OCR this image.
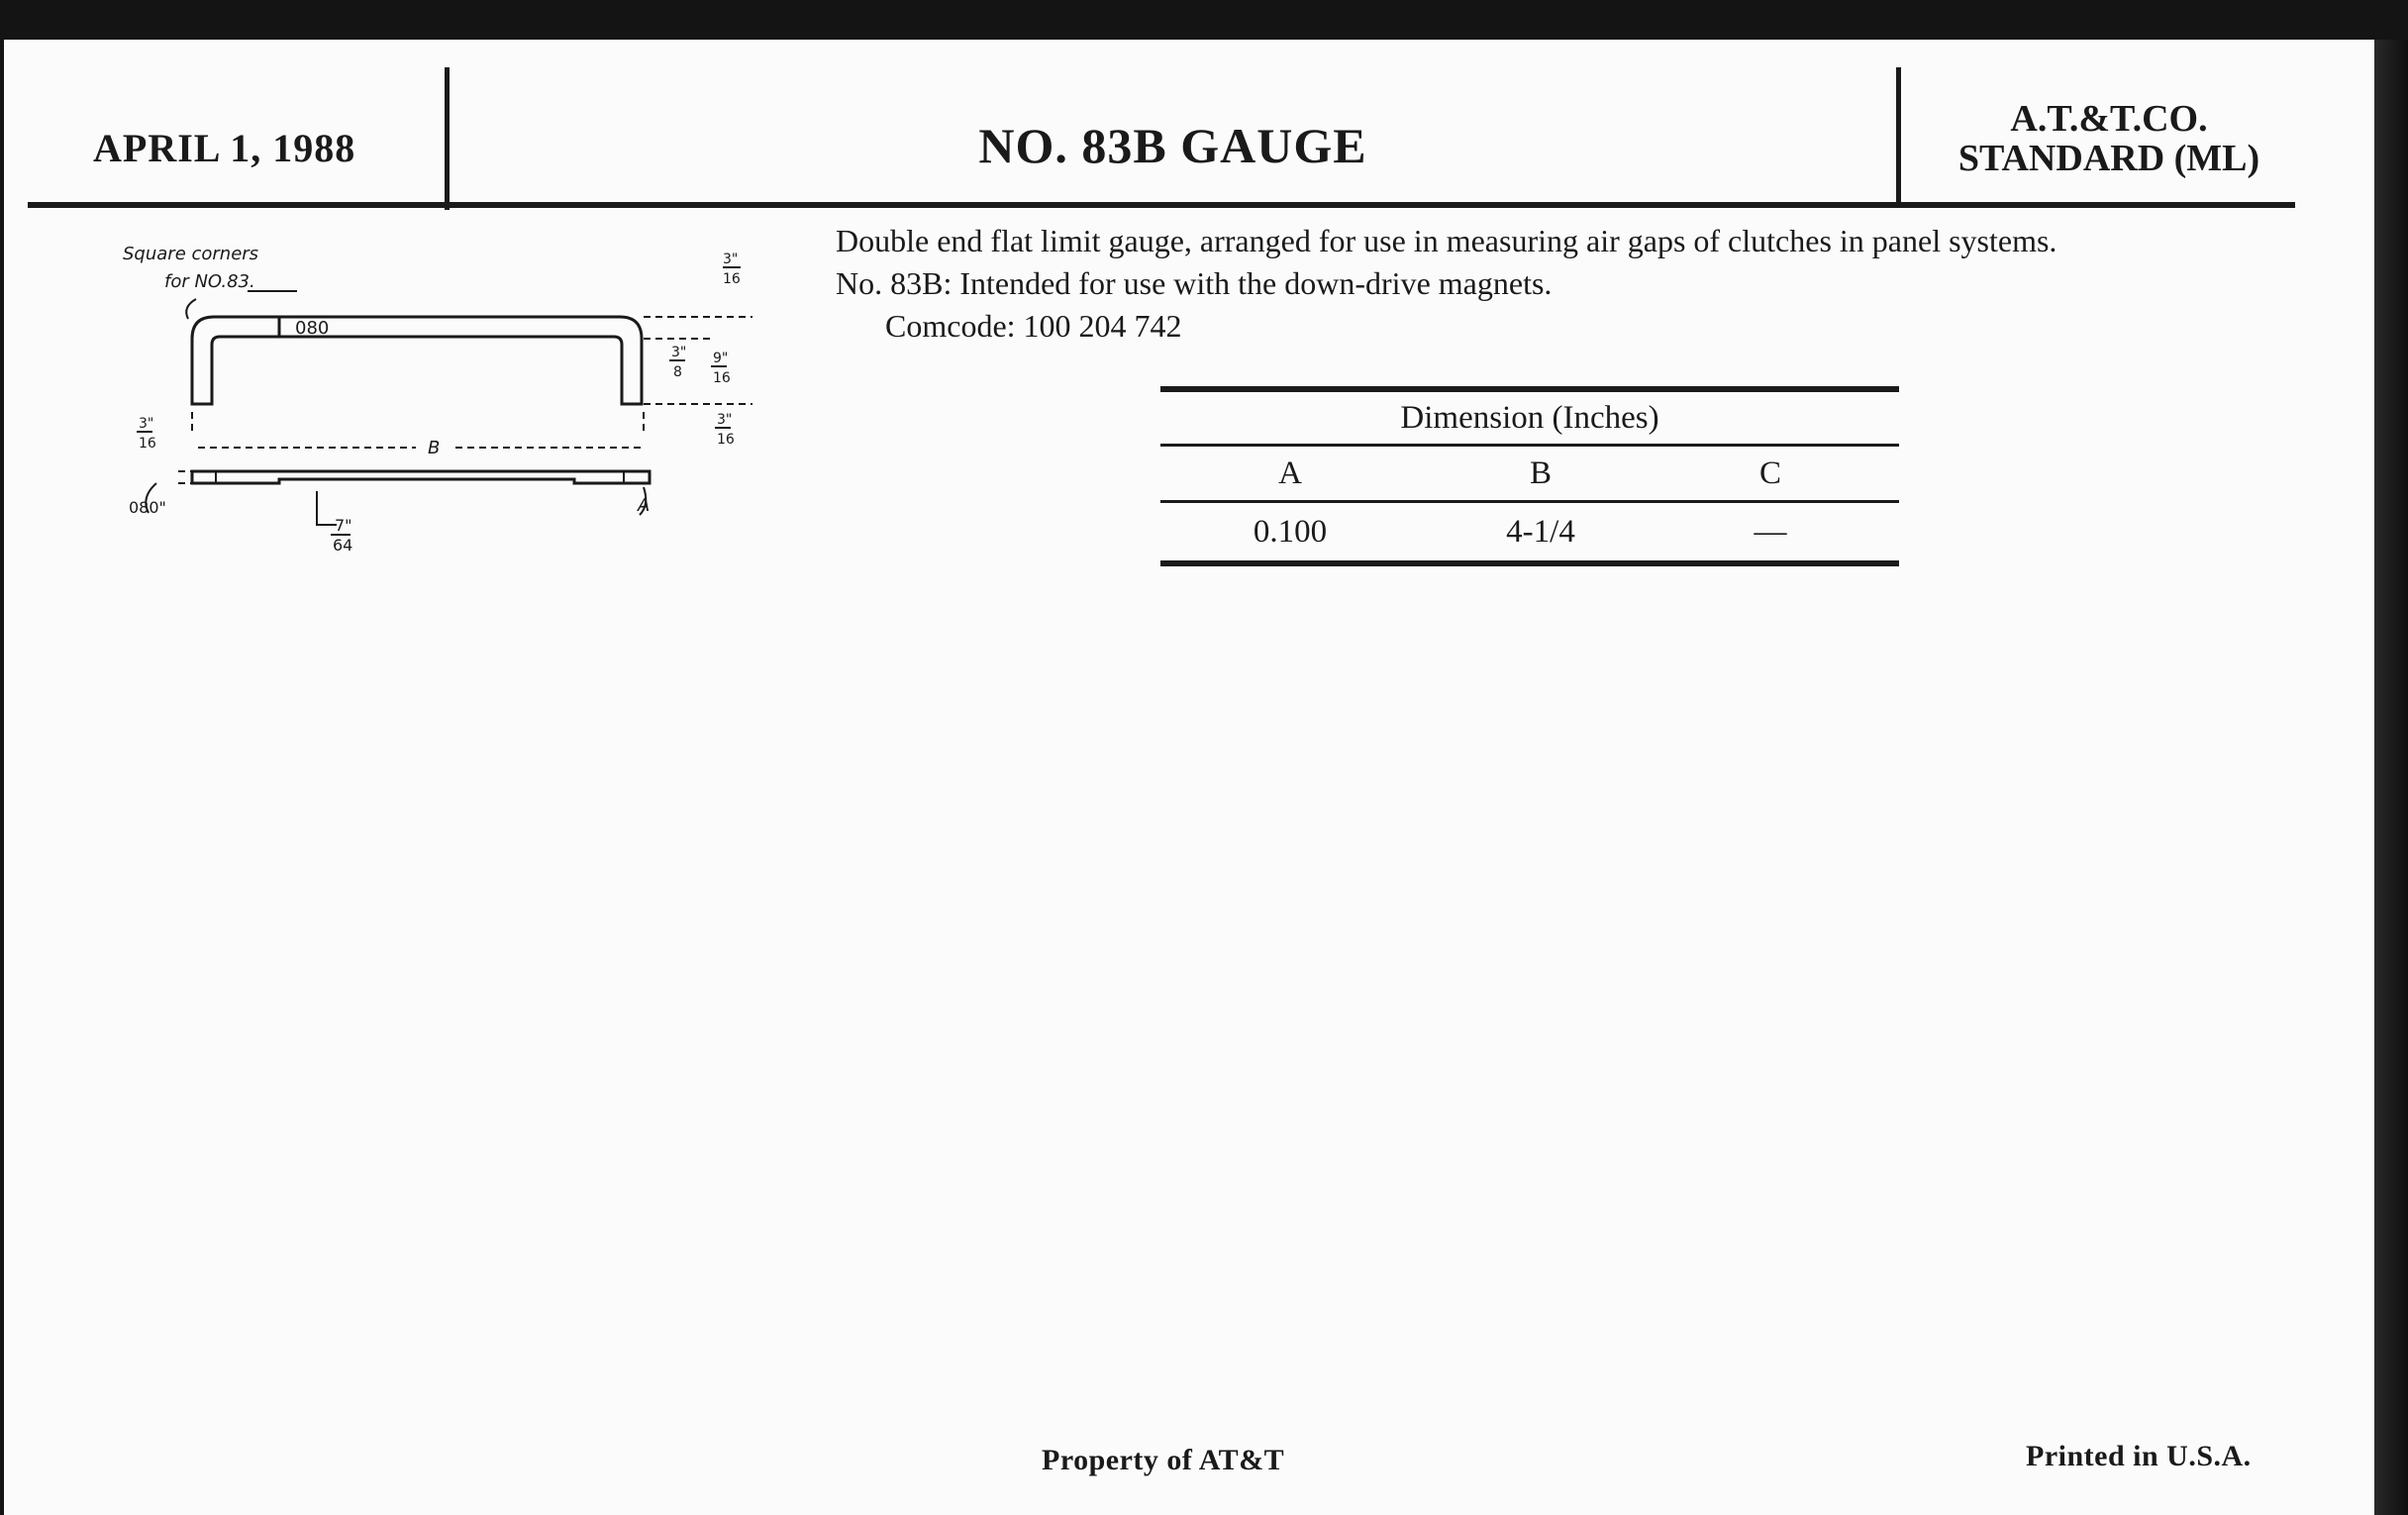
APRIL 1, 1988	NO. 83B GAUGE	A.T.&T.CO.
STANDARD (ML)
Square corners
for NO.83.
080
3"
16
3"
8
9"
16
3"
16
3"
16	B
080"
7"
64
A
Double end flat limit gauge, arranged for use in measuring air gaps of clutches in panel systems.
No. 83B: Intended for use with the down-drive magnets.
Comcode: 100 204 742
Dimension (Inches)
A	B	C
0.100	4-1/4	—
Property of AT&T	Printed in U.S.A.
